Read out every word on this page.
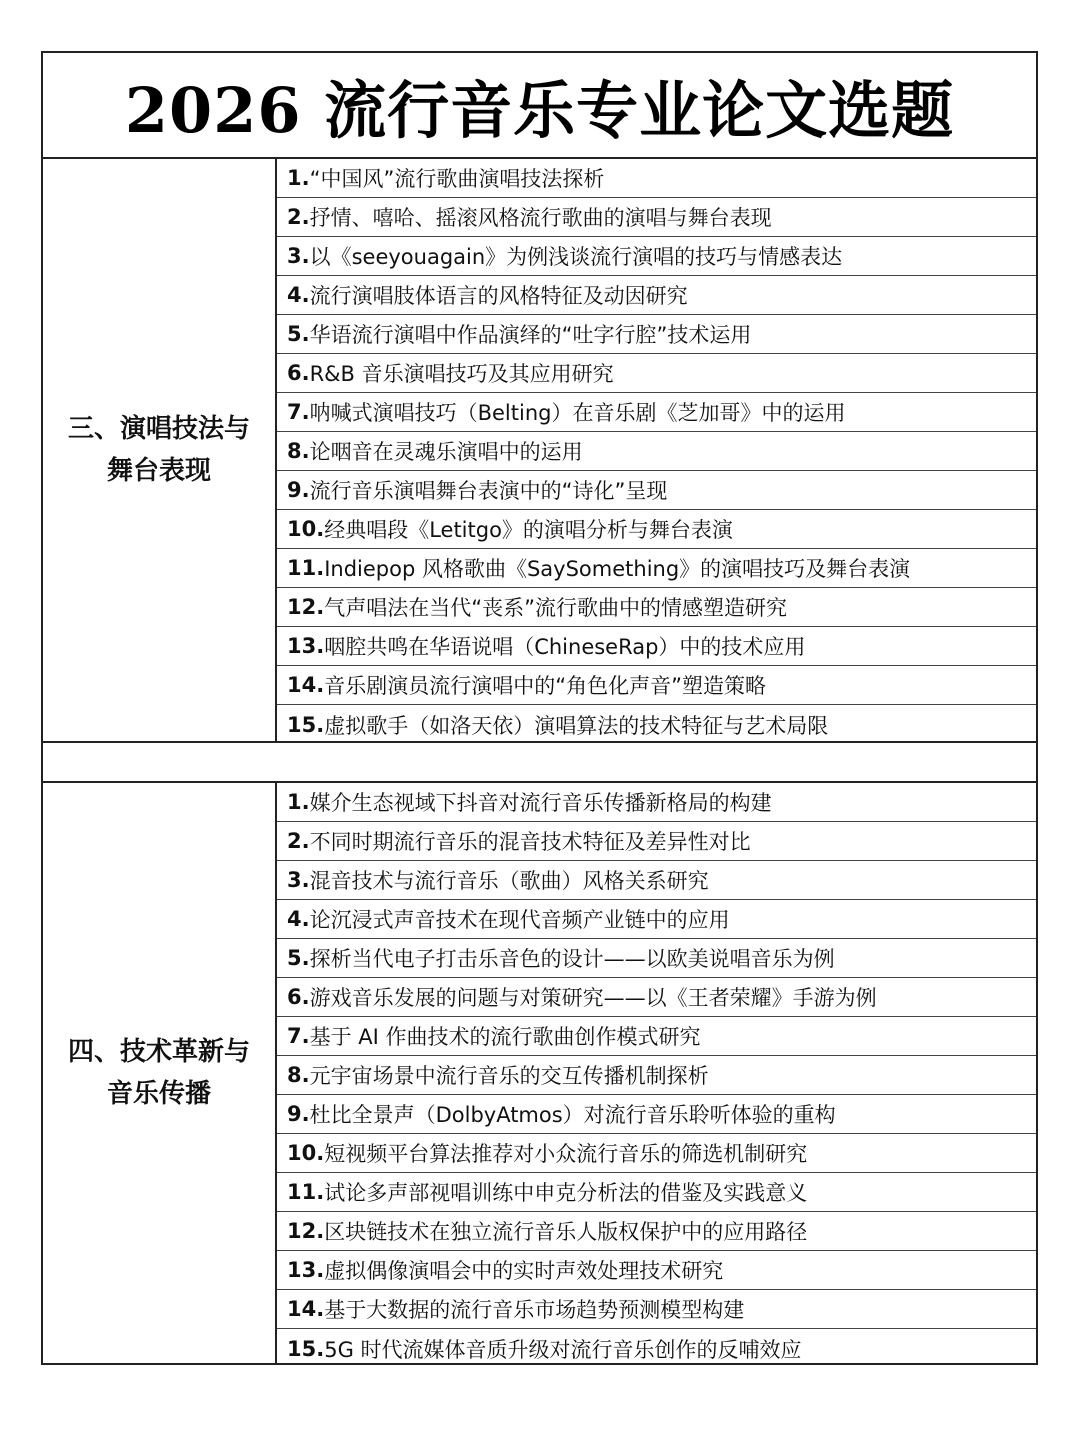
2026 流行音乐专业论文选题
三、演唱技法与
舞台表现
1. “中国风”流行歌曲演唱技法探析
2. 抒情、嘻哈、摇滚风格流行歌曲的演唱与舞台表现
3. 以《seeyouagain》为例浅谈流行演唱的技巧与情感表达
4. 流行演唱肢体语言的风格特征及动因研究
5. 华语流行演唱中作品演绎的“吐字行腔”技术运用
6. R&B 音乐演唱技巧及其应用研究
7. 呐喊式演唱技巧（Belting）在音乐剧《芝加哥》中的运用
8. 论咽音在灵魂乐演唱中的运用
9. 流行音乐演唱舞台表演中的“诗化”呈现
10. 经典唱段《Letitgo》的演唱分析与舞台表演
11. Indiepop 风格歌曲《SaySomething》的演唱技巧及舞台表演
12. 气声唱法在当代“丧系”流行歌曲中的情感塑造研究
13. 咽腔共鸣在华语说唱（ChineseRap）中的技术应用
14. 音乐剧演员流行演唱中的“角色化声音”塑造策略
15. 虚拟歌手（如洛天依）演唱算法的技术特征与艺术局限
四、技术革新与
音乐传播
1. 媒介生态视域下抖音对流行音乐传播新格局的构建
2. 不同时期流行音乐的混音技术特征及差异性对比
3. 混音技术与流行音乐（歌曲）风格关系研究
4. 论沉浸式声音技术在现代音频产业链中的应用
5. 探析当代电子打击乐音色的设计——以欧美说唱音乐为例
6. 游戏音乐发展的问题与对策研究——以《王者荣耀》手游为例
7. 基于 AI 作曲技术的流行歌曲创作模式研究
8. 元宇宙场景中流行音乐的交互传播机制探析
9. 杜比全景声（DolbyAtmos）对流行音乐聆听体验的重构
10. 短视频平台算法推荐对小众流行音乐的筛选机制研究
11. 试论多声部视唱训练中申克分析法的借鉴及实践意义
12. 区块链技术在独立流行音乐人版权保护中的应用路径
13. 虚拟偶像演唱会中的实时声效处理技术研究
14. 基于大数据的流行音乐市场趋势预测模型构建
15. 5G 时代流媒体音质升级对流行音乐创作的反哺效应
